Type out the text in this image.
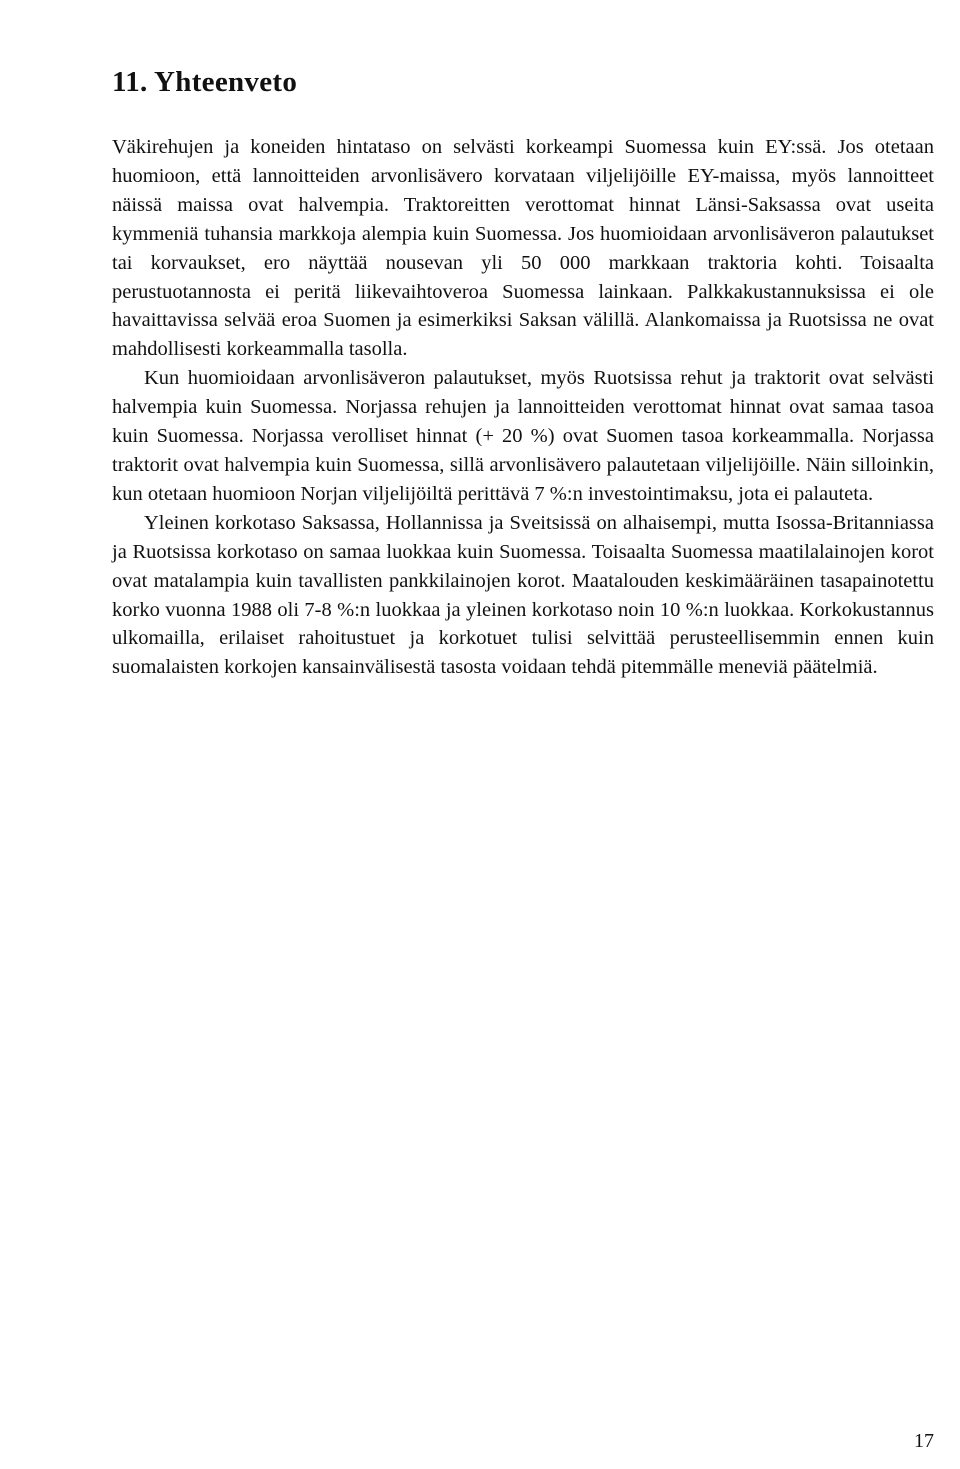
11. Yhteenveto

Väkirehujen ja koneiden hintataso on selvästi korkeampi Suomessa kuin EY:ssä. Jos otetaan huomioon, että lannoitteiden arvonlisävero korvataan viljelijöille EY-maissa, myös lannoitteet näissä maissa ovat halvempia. Traktoreitten verottomat hinnat Länsi-Saksassa ovat useita kymmeniä tuhansia markkoja alempia kuin Suomessa. Jos huomioidaan arvonlisäveron palautukset tai korvaukset, ero näyttää nousevan yli 50 000 markkaan traktoria kohti. Toisaalta perustuotannosta ei peritä liikevaihtoveroa Suomessa lainkaan. Palkkakustannuksissa ei ole havaittavissa selvää eroa Suomen ja esimerkiksi Saksan välillä. Alankomaissa ja Ruotsissa ne ovat mahdollisesti korkeammalla tasolla.

Kun huomioidaan arvonlisäveron palautukset, myös Ruotsissa rehut ja traktorit ovat selvästi halvempia kuin Suomessa. Norjassa rehujen ja lannoitteiden verottomat hinnat ovat samaa tasoa kuin Suomessa. Norjassa verolliset hinnat (+ 20 %) ovat Suomen tasoa korkeammalla. Norjassa traktorit ovat halvempia kuin Suomessa, sillä arvonlisävero palautetaan viljelijöille. Näin silloinkin, kun otetaan huomioon Norjan viljelijöiltä perittävä 7 %:n investointimaksu, jota ei palauteta.

Yleinen korkotaso Saksassa, Hollannissa ja Sveitsissä on alhaisempi, mutta Isossa-Britanniassa ja Ruotsissa korkotaso on samaa luokkaa kuin Suomessa. Toisaalta Suomessa maatilalainojen korot ovat matalampia kuin tavallisten pankkilainojen korot. Maatalouden keskimääräinen tasapainotettu korko vuonna 1988 oli 7-8 %:n luokkaa ja yleinen korkotaso noin 10 %:n luokkaa. Korkokustannus ulkomailla, erilaiset rahoitustuet ja korkotuet tulisi selvittää perusteellisemmin ennen kuin suomalaisten korkojen kansainvälisestä tasosta voidaan tehdä pitemmälle meneviä päätelmiä.

17
